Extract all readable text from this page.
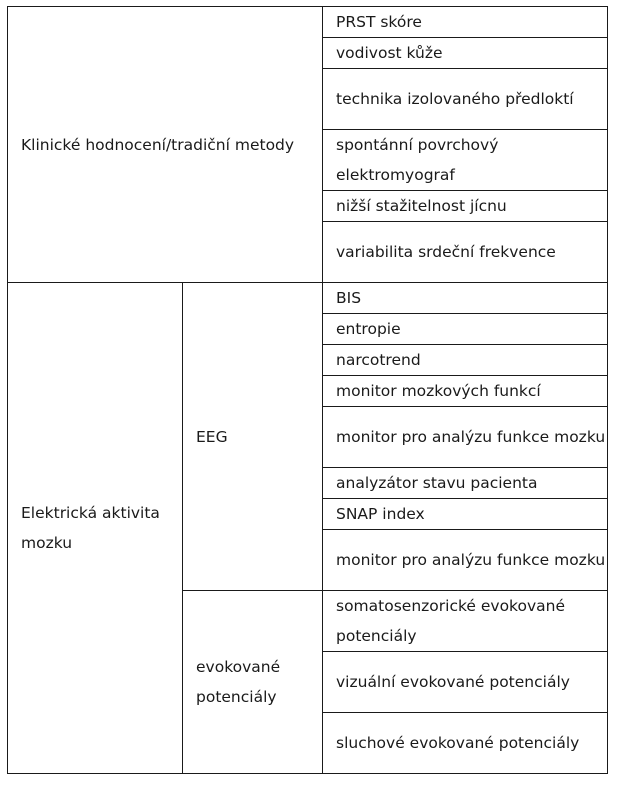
Klinické hodnocení/tradiční metody		PRST skóre
		vodivost kůže
		technika izolovaného předloktí

		spontánní povrchový elektromyograf

		nižší stažitelnost jícnu
		variabilita srdeční frekvence
Elektrická aktivita mozku	EEG	BIS
		entropie
		narcotrend
		monitor mozkových funkcí
		monitor pro analýzu funkce mozku
		analyzátor stavu pacienta
		SNAP index
		monitor pro analýzu funkce mozku

	evokované potenciály	somatosenzorické evokované potenciály
		vizuální evokované potenciály
		sluchové evokované potenciály
